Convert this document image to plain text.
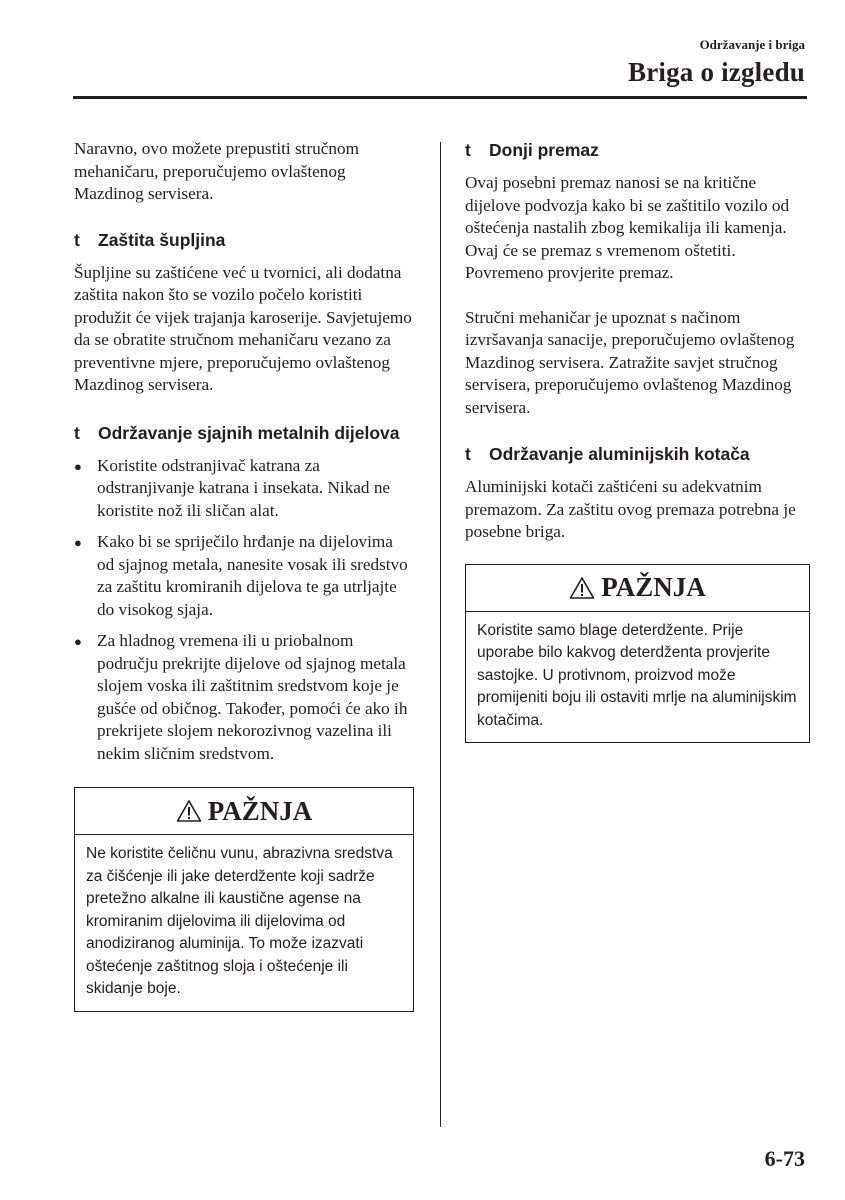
Održavanje i briga
Briga o izgledu

Naravno, ovo možete prepustiti stručnom mehaničaru, preporučujemo ovlaštenog Mazdinog servisera.

t	Zaštita šupljina

Šupljine su zaštićene već u tvornici, ali dodatna zaštita nakon što se vozilo počelo koristiti produžit će vijek trajanja karoserije. Savjetujemo da se obratite stručnom mehaničaru vezano za preventivne mjere, preporučujemo ovlaštenog Mazdinog servisera.

t	Održavanje sjajnih metalnih dijelova
● Koristite odstranjivač katrana za odstranjivanje katrana i insekata. Nikad ne koristite nož ili sličan alat.
● Kako bi se spriječilo hrđanje na dijelovima od sjajnog metala, nanesite vosak ili sredstvo za zaštitu kromiranih dijelova te ga utrljajte do visokog sjaja.
● Za hladnog vremena ili u priobalnom području prekrijte dijelove od sjajnog metala slojem voska ili zaštitnim sredstvom koje je gušće od običnog. Također, pomoći će ako ih prekrijete slojem nekorozivnog vazelina ili nekim sličnim sredstvom.
PAŽNJA
Ne koristite čeličnu vunu, abrazivna sredstva za čišćenje ili jake deterdžente koji sadrže pretežno alkalne ili kaustične agense na kromiranim dijelovima ili dijelovima od anodiziranog aluminija. To može izazvati oštećenje zaštitnog sloja i oštećenje ili skidanje boje.
t	Donji premaz

Ovaj posebni premaz nanosi se na kritične dijelove podvozja kako bi se zaštitilo vozilo od oštećenja nastalih zbog kemikalija ili kamenja. Ovaj će se premaz s vremenom oštetiti. Povremeno provjerite premaz.

Stručni mehaničar je upoznat s načinom izvršavanja sanacije, preporučujemo ovlaštenog Mazdinog servisera. Zatražite savjet stručnog servisera, preporučujemo ovlaštenog Mazdinog servisera.

t	Održavanje aluminijskih kotača

Aluminijski kotači zaštićeni su adekvatnim premazom. Za zaštitu ovog premaza potrebna je posebne briga.

PAŽNJA
Koristite samo blage deterdžente. Prije uporabe bilo kakvog deterdženta provjerite sastojke. U protivnom, proizvod može promijeniti boju ili ostaviti mrlje na aluminijskim kotačima.
6-73
